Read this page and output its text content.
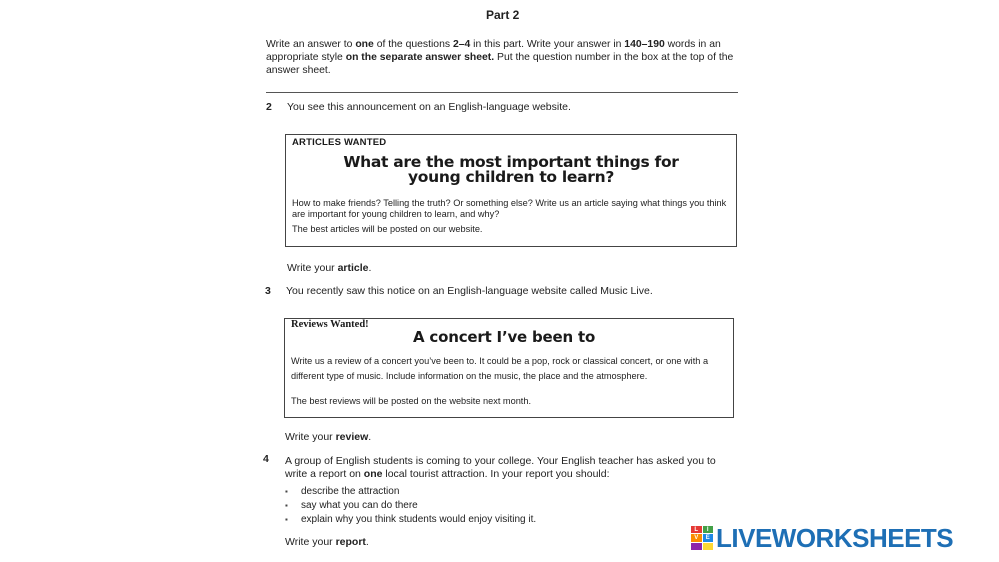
Part 2
Write an answer to one of the questions 2–4 in this part. Write your answer in 140–190 words in an appropriate style on the separate answer sheet. Put the question number in the box at the top of the answer sheet.
2 You see this announcement on an English-language website.
ARTICLES WANTED
What are the most important things for
young children to learn?
How to make friends? Telling the truth? Or something else? Write us an article saying what things you think are important for young children to learn, and why?
The best articles will be posted on our website.
Write your article.
3 You recently saw this notice on an English-language website called Music Live.
Reviews Wanted!
A concert I’ve been to
Write us a review of a concert you’ve been to. It could be a pop, rock or classical concert, or one with a different type of music. Include information on the music, the place and the atmosphere.
The best reviews will be posted on the website next month.
Write your review.
4 A group of English students is coming to your college. Your English teacher has asked you to write a report on one local tourist attraction. In your report you should:
▪ describe the attraction
▪ say what you can do there
▪ explain why you think students would enjoy visiting it.
Write your report.
L	I
V	E LIVEWORKSHEETS
